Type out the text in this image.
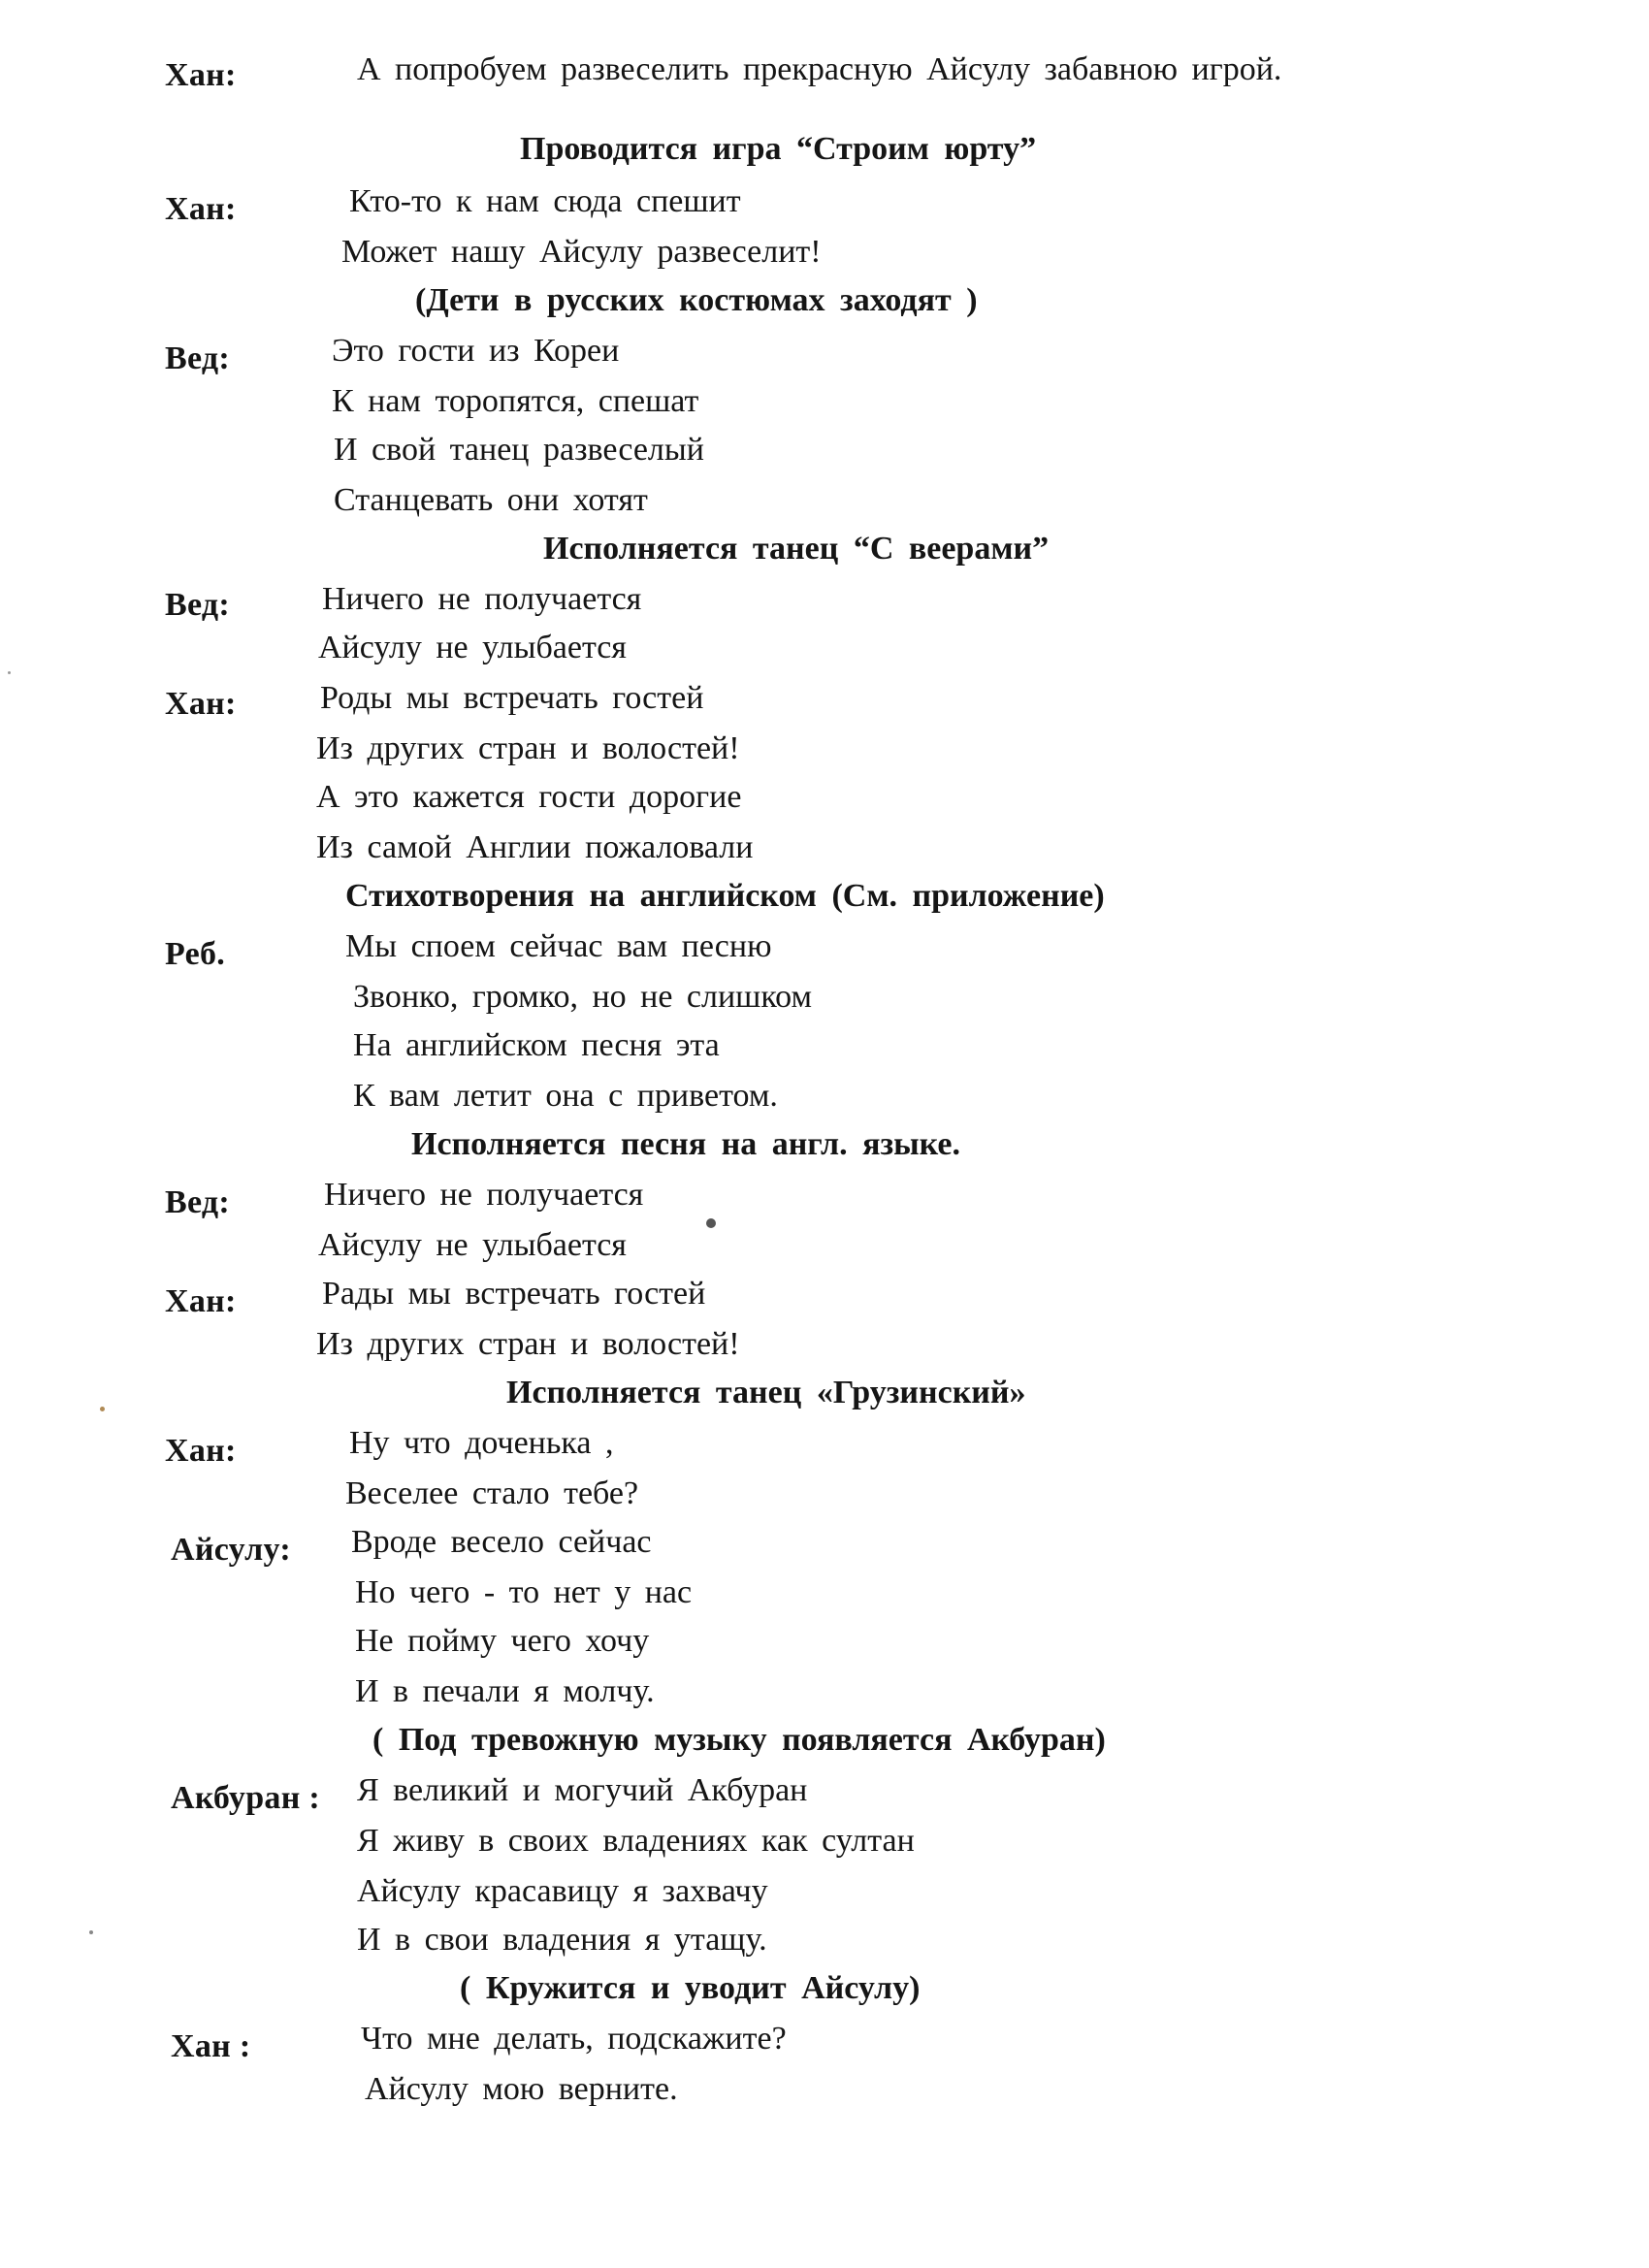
Хан:	А попробуем развеселить прекрасную Айсулу забавною игрой.
Проводится игра “Строим юрту”
Хан:	Кто-то к нам сюда спешит
Может нашу Айсулу развеселит!
(Дети в русских костюмах заходят )
Вед:	Это гости из Кореи
К нам торопятся, спешат
И свой танец развеселый
Станцевать они хотят
Исполняется танец “С веерами”
Вед:	Ничего не получается
Айсулу не улыбается
Хан:	Роды мы встречать гостей
Из других стран и волостей!
А это кажется гости дорогие
Из самой Англии пожаловали
Стихотворения на английском (См. приложение)
Реб.	Мы споем сейчас вам песню
Звонко, громко, но не слишком
На английском песня эта
К вам летит она с приветом.
Исполняется песня на англ. языке.
Вед:	Ничего не получается
Айсулу не улыбается
Хан:	Рады мы встречать гостей
Из других стран и волостей!
Исполняется танец «Грузинский»
Хан:	Ну что доченька ,
Веселее стало тебе?
Айсулу: Вроде весело сейчас
Но чего - то нет у нас
Не пойму чего хочу
И в печали я молчу.
( Под тревожную музыку появляется Акбуран)
Акбуран : Я великий и могучий Акбуран
Я живу в своих владениях как султан
Айсулу красавицу я захвачу
И в свои владения я утащу.
( Кружится и уводит Айсулу)
Хан :	Что мне делать, подскажите?
Айсулу мою верните.
